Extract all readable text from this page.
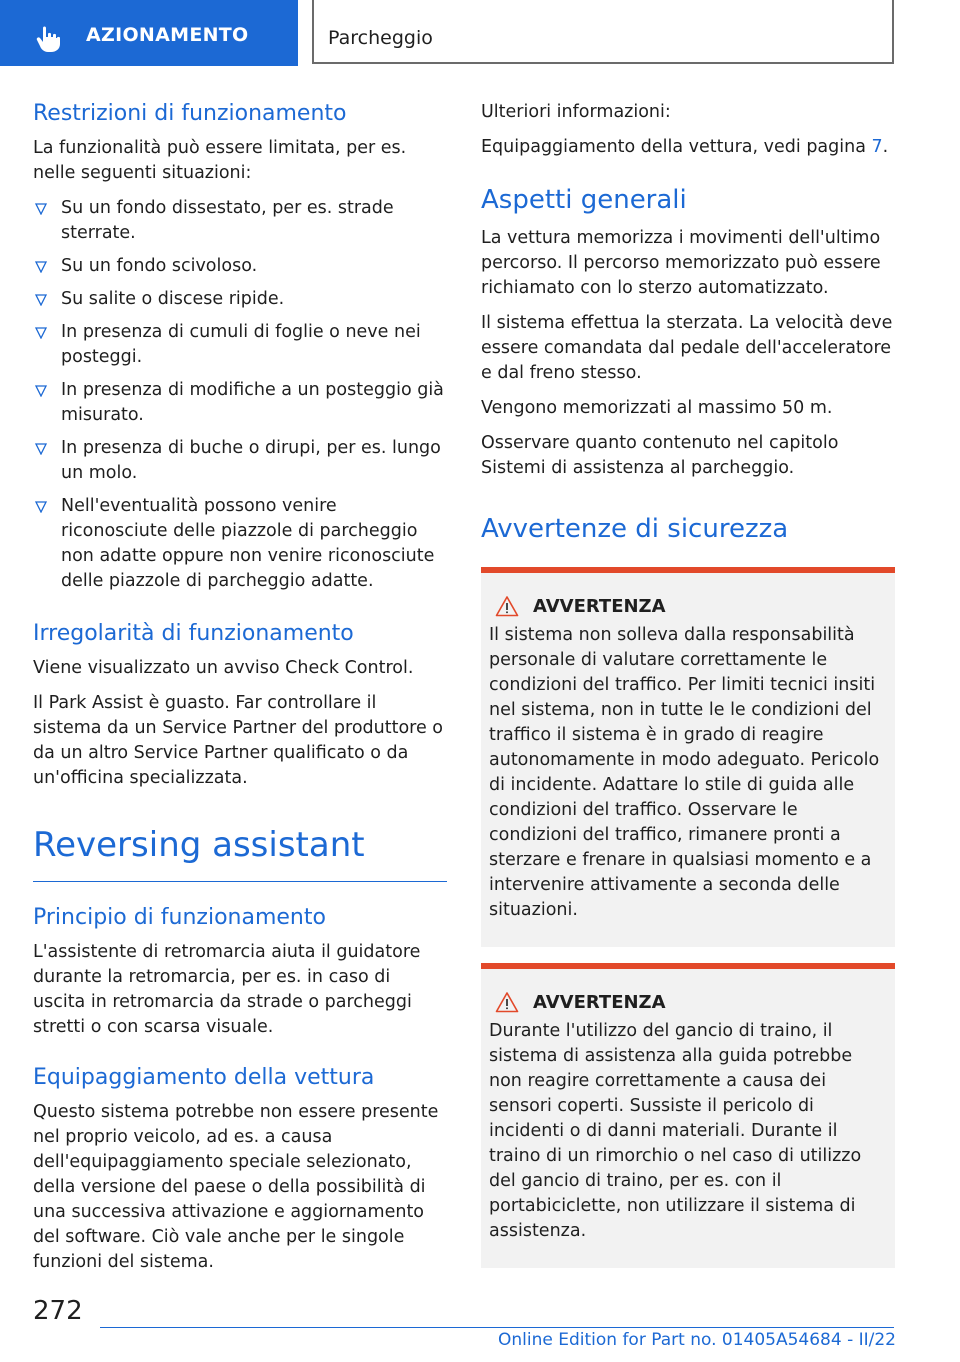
AZIONAMENTO	Parcheggio
Restrizioni di funzionamento

La funzionalità può essere limitata, per es. nelle seguenti situazioni:

Su un fondo dissestato, per es. strade sterrate.
Su un fondo scivoloso.
Su salite o discese ripide.
In presenza di cumuli di foglie o neve nei posteggi.
In presenza di modifiche a un posteggio già misurato.
In presenza di buche o dirupi, per es. lungo un molo.
Nell'eventualità possono venire riconosciute delle piazzole di parcheggio non adatte oppure non venire riconosciute delle piazzole di parcheggio adatte.
Irregolarità di funzionamento

Viene visualizzato un avviso Check Control.

Il Park Assist è guasto. Far controllare il sistema da un Service Partner del produttore o da un altro Service Partner qualificato o da un'officina specializzata.

Reversing assistant
Principio di funzionamento

L'assistente di retromarcia aiuta il guidatore durante la retromarcia, per es. in caso di uscita in retromarcia da strade o parcheggi stretti o con scarsa visuale.

Equipaggiamento della vettura

Questo sistema potrebbe non essere presente nel proprio veicolo, ad es. a causa dell'equipaggiamento speciale selezionato, della versione del paese o della possibilità di una successiva attivazione e aggiornamento del software. Ciò vale anche per le singole funzioni del sistema.

Ulteriori informazioni:

Equipaggiamento della vettura, vedi pagina 7.

Aspetti generali

La vettura memorizza i movimenti dell'ultimo percorso. Il percorso memorizzato può essere richiamato con lo sterzo automatizzato.

Il sistema effettua la sterzata. La velocità deve essere comandata dal pedale dell'acceleratore e dal freno stesso.

Vengono memorizzati al massimo 50 m.

Osservare quanto contenuto nel capitolo Sistemi di assistenza al parcheggio.

Avvertenze di sicurezza
AVVERTENZA

Il sistema non solleva dalla responsabilità personale di valutare correttamente le condizioni del traffico. Per limiti tecnici insiti nel sistema, non in tutte le le condizioni del traffico il sistema è in grado di reagire autonomamente in modo adeguato. Pericolo di incidente. Adattare lo stile di guida alle condizioni del traffico. Osservare le condizioni del traffico, rimanere pronti a sterzare e frenare in qualsiasi momento e a intervenire attivamente a seconda delle situazioni.

AVVERTENZA

Durante l'utilizzo del gancio di traino, il sistema di assistenza alla guida potrebbe non reagire correttamente a causa dei sensori coperti. Sussiste il pericolo di incidenti o di danni materiali. Durante il traino di un rimorchio o nel caso di utilizzo del gancio di traino, per es. con il portabiciclette, non utilizzare il sistema di assistenza.

272
Online Edition for Part no. 01405A54684 - II/22
